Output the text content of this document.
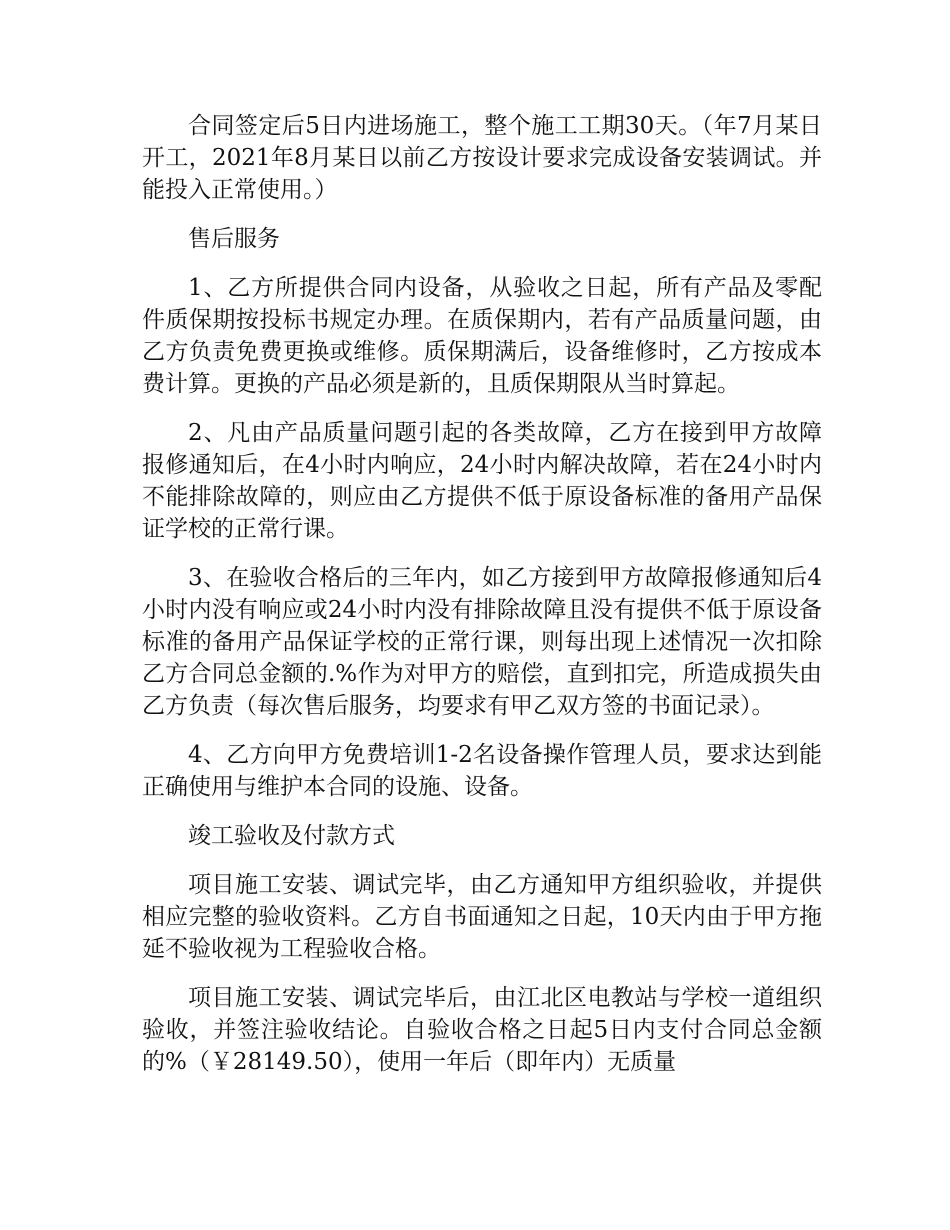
合同签定后5日内进场施工，整个施工工期30天。（年7月某日开工，2021年8月某日以前乙方按设计要求完成设备安装调试。并能投入正常使用。）

售后服务

1、乙方所提供合同内设备，从验收之日起，所有产品及零配件质保期按投标书规定办理。在质保期内，若有产品质量问题，由乙方负责免费更换或维修。质保期满后，设备维修时，乙方按成本费计算。更换的产品必须是新的，且质保期限从当时算起。

2、凡由产品质量问题引起的各类故障，乙方在接到甲方故障报修通知后，在4小时内响应，24小时内解决故障，若在24小时内不能排除故障的，则应由乙方提供不低于原设备标准的备用产品保证学校的正常行课。

3、在验收合格后的三年内，如乙方接到甲方故障报修通知后4小时内没有响应或24小时内没有排除故障且没有提供不低于原设备标准的备用产品保证学校的正常行课，则每出现上述情况一次扣除乙方合同总金额的.%作为对甲方的赔偿，直到扣完，所造成损失由乙方负责（每次售后服务，均要求有甲乙双方签的书面记录）。

4、乙方向甲方免费培训1-2名设备操作管理人员，要求达到能正确使用与维护本合同的设施、设备。

竣工验收及付款方式

项目施工安装、调试完毕，由乙方通知甲方组织验收，并提供相应完整的验收资料。乙方自书面通知之日起，10天内由于甲方拖延不验收视为工程验收合格。

项目施工安装、调试完毕后，由江北区电教站与学校一道组织验收，并签注验收结论。自验收合格之日起5日内支付合同总金额的%（￥28149.50），使用一年后（即年内）无质量
